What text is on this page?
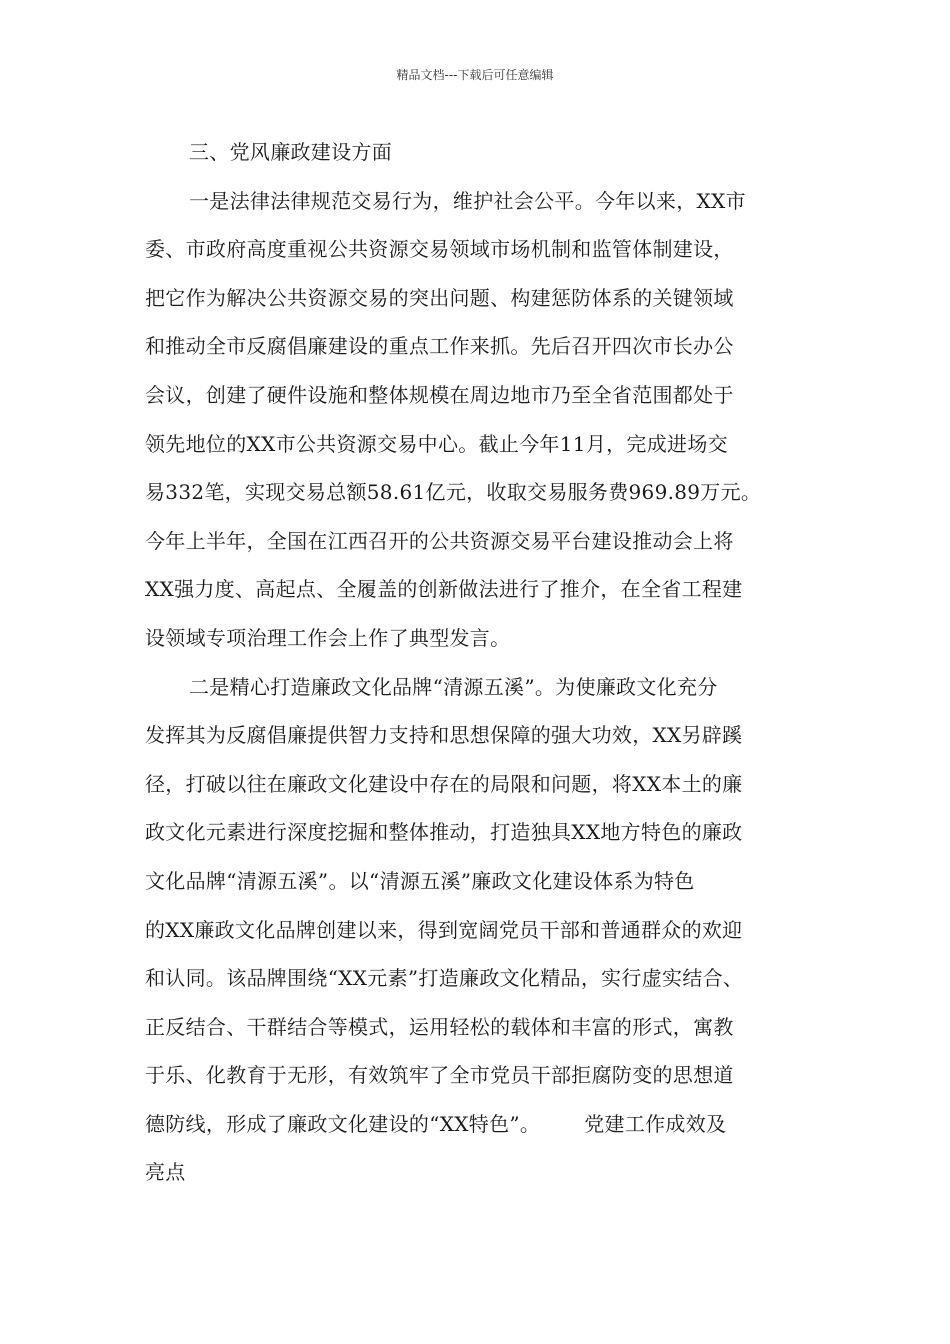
精品文档---下载后可任意编辑
三、党风廉政建设方面
一是法律法律规范交易行为，维护社会公平。今年以来，XX市
委、市政府高度重视公共资源交易领域市场机制和监管体制建设，
把它作为解决公共资源交易的突出问题、构建惩防体系的关键领域
和推动全市反腐倡廉建设的重点工作来抓。先后召开四次市长办公
会议，创建了硬件设施和整体规模在周边地市乃至全省范围都处于
领先地位的XX市公共资源交易中心。截止今年11月，完成进场交
易332笔，实现交易总额58.61亿元，收取交易服务费969.89万元。
今年上半年，全国在江西召开的公共资源交易平台建设推动会上将
XX强力度、高起点、全履盖的创新做法进行了推介，在全省工程建
设领域专项治理工作会上作了典型发言。
二是精心打造廉政文化品牌“清源五溪”。为使廉政文化充分
发挥其为反腐倡廉提供智力支持和思想保障的强大功效，XX另辟蹊
径，打破以往在廉政文化建设中存在的局限和问题，将XX本土的廉
政文化元素进行深度挖掘和整体推动，打造独具XX地方特色的廉政
文化品牌“清源五溪”。以“清源五溪”廉政文化建设体系为特色
的XX廉政文化品牌创建以来，得到宽阔党员干部和普通群众的欢迎
和认同。该品牌围绕“XX元素”打造廉政文化精品，实行虚实结合、
正反结合、干群结合等模式，运用轻松的载体和丰富的形式，寓教
于乐、化教育于无形，有效筑牢了全市党员干部拒腐防变的思想道
德防线，形成了廉政文化建设的“XX特色”。 党建工作成效及
亮点
